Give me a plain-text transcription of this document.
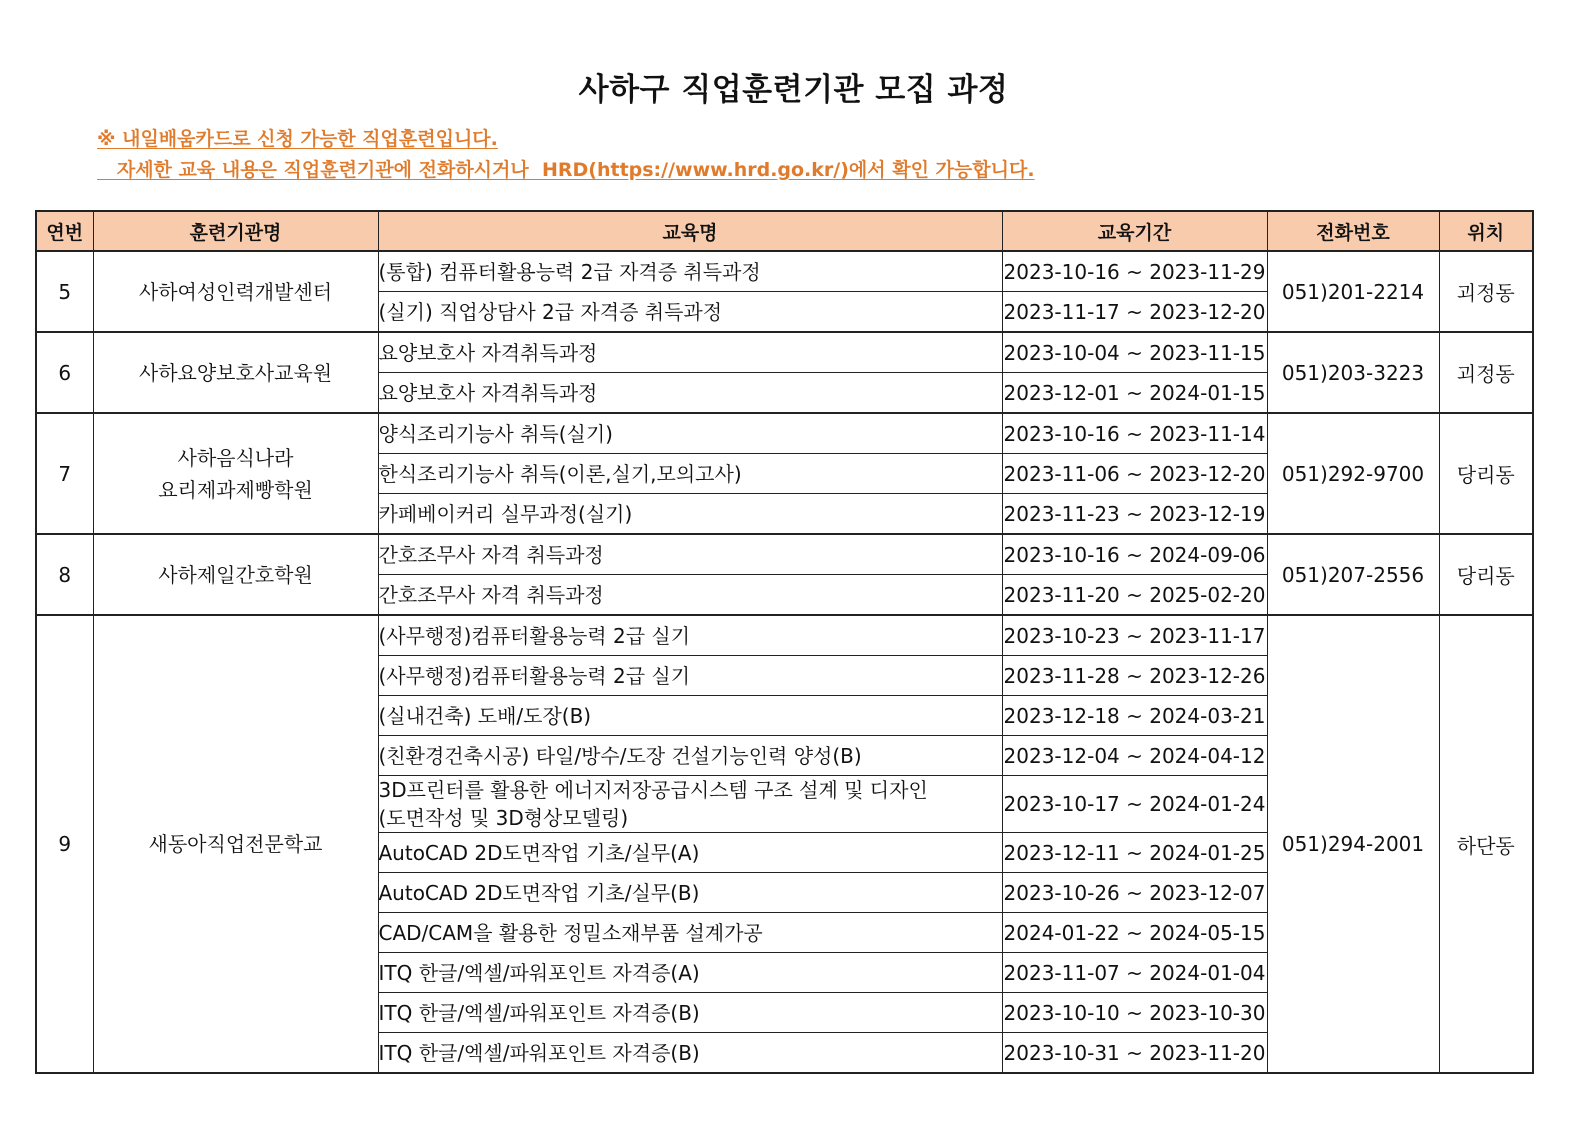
사하구 직업훈련기관 모집 과정
※ 내일배움카드로 신청 가능한 직업훈련입니다.
자세한 교육 내용은 직업훈련기관에 전화하시거나  HRD(https://www.hrd.go.kr/)에서 확인 가능합니다.
연번	훈련기관명	교육명	교육기간	전화번호	위치
5	사하여성인력개발센터	(통합) 컴퓨터활용능력 2급 자격증 취득과정	2023-10-16 ~ 2023-11-29	051)201-2214	괴정동
		(실기) 직업상담사 2급 자격증 취득과정	2023-11-17 ~ 2023-12-20		
6	사하요양보호사교육원	요양보호사 자격취득과정	2023-10-04 ~ 2023-11-15	051)203-3223	괴정동
		요양보호사 자격취득과정	2023-12-01 ~ 2024-01-15		
7	사하음식나라
요리제과제빵학원	양식조리기능사 취득(실기)	2023-10-16 ~ 2023-11-14	051)292-9700	당리동
		한식조리기능사 취득(이론,실기,모의고사)	2023-11-06 ~ 2023-12-20		
		카페베이커리 실무과정(실기)	2023-11-23 ~ 2023-12-19		
8	사하제일간호학원	간호조무사 자격 취득과정	2023-10-16 ~ 2024-09-06	051)207-2556	당리동
		간호조무사 자격 취득과정	2023-11-20 ~ 2025-02-20		
9	새동아직업전문학교	(사무행정)컴퓨터활용능력 2급 실기	2023-10-23 ~ 2023-11-17	051)294-2001	하단동
		(사무행정)컴퓨터활용능력 2급 실기	2023-11-28 ~ 2023-12-26		
		(실내건축) 도배/도장(B)	2023-12-18 ~ 2024-03-21		
		(친환경건축시공) 타일/방수/도장 건설기능인력 양성(B)	2023-12-04 ~ 2024-04-12		

		3D프린터를 활용한 에너지저장공급시스템 구조 설계 및 디자인
(도면작성 및 3D형상모델링)	2023-10-17 ~ 2024-01-24		
		AutoCAD 2D도면작업 기초/실무(A)	2023-12-11 ~ 2024-01-25		
		AutoCAD 2D도면작업 기초/실무(B)	2023-10-26 ~ 2023-12-07		
		CAD/CAM을 활용한 정밀소재부품 설계가공	2024-01-22 ~ 2024-05-15		
		ITQ 한글/엑셀/파워포인트 자격증(A)	2023-11-07 ~ 2024-01-04		
		ITQ 한글/엑셀/파워포인트 자격증(B)	2023-10-10 ~ 2023-10-30		
		ITQ 한글/엑셀/파워포인트 자격증(B)	2023-10-31 ~ 2023-11-20		
